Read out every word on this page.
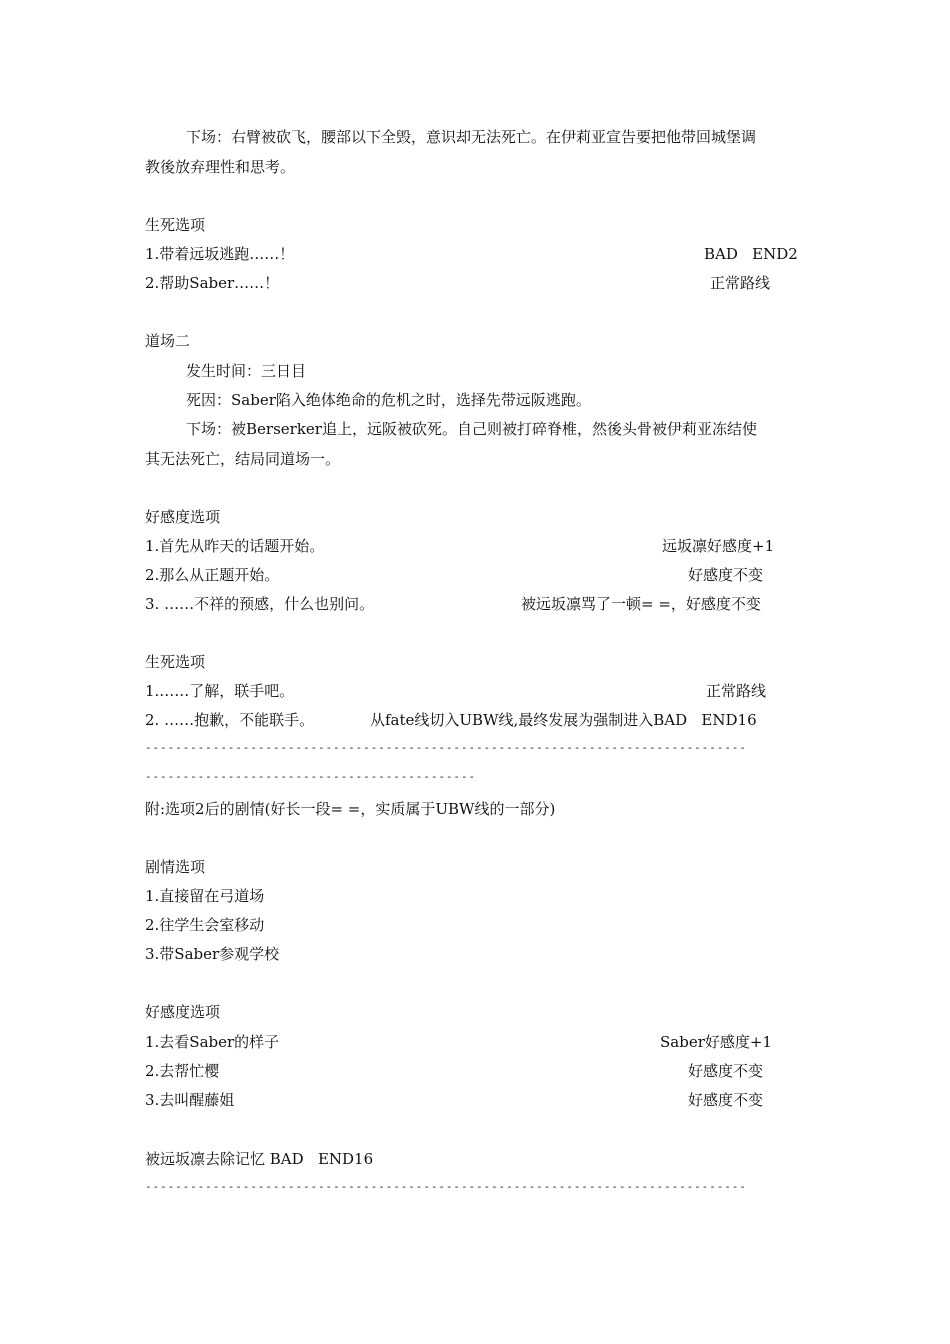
下场：右臂被砍飞，腰部以下全毁，意识却无法死亡。在伊莉亚宣告要把他带回城堡调
教後放弃理性和思考。
生死选项
1.带着远坂逃跑……！	BAD   END2
2.帮助Saber……！	正常路线
道场二
发生时间：三日目
死因：Saber陷入绝体绝命的危机之时，选择先带远阪逃跑。
下场：被Berserker追上，远阪被砍死。自己则被打碎脊椎，然後头骨被伊莉亚冻结使
其无法死亡，结局同道场一。
好感度选项
1.首先从昨天的话题开始。	远坂凛好感度+1
2.那么从正题开始。	好感度不变
3. ……不祥的预感，什么也别问。	被远坂凛骂了一顿= =，好感度不变
生死选项
1.……了解，联手吧。	正常路线
2. ……抱歉，不能联手。	从fate线切入UBW线,最终发展为强制进入BAD   END16
--------------------------------------------------------------------------------
--------------------------------------------
附:选项2后的剧情(好长一段= =，实质属于UBW线的一部分)
剧情选项
1.直接留在弓道场
2.往学生会室移动
3.带Saber参观学校
好感度选项
1.去看Saber的样子	Saber好感度+1
2.去帮忙樱	好感度不变
3.去叫醒藤姐	好感度不变
被远坂凛去除记忆 BAD   END16
--------------------------------------------------------------------------------
